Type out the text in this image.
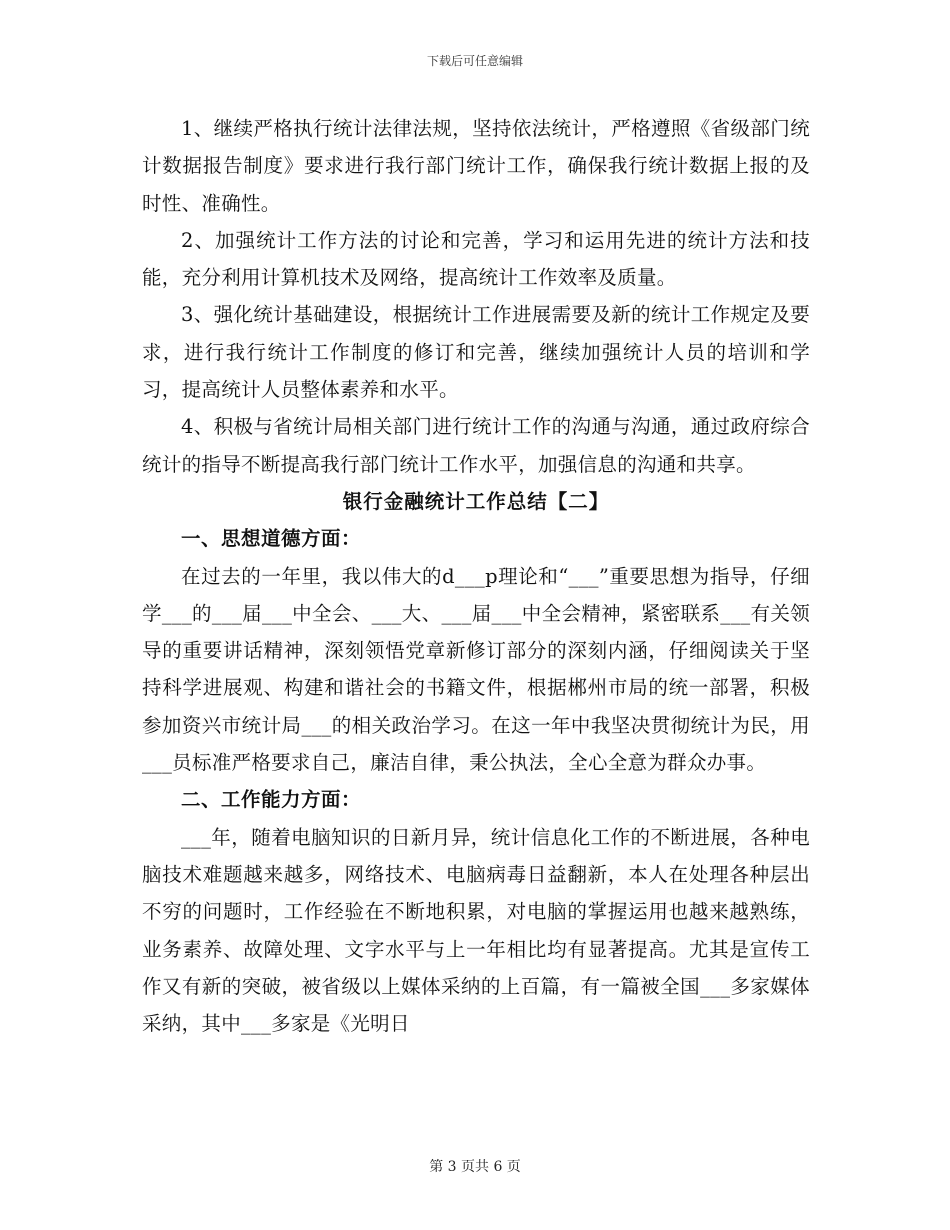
下载后可任意编辑

1、继续严格执行统计法律法规，坚持依法统计，严格遵照《省级部门统计数据报告制度》要求进行我行部门统计工作，确保我行统计数据上报的及时性、准确性。

2、加强统计工作方法的讨论和完善，学习和运用先进的统计方法和技能，充分利用计算机技术及网络，提高统计工作效率及质量。

3、强化统计基础建设，根据统计工作进展需要及新的统计工作规定及要求，进行我行统计工作制度的修订和完善，继续加强统计人员的培训和学习，提高统计人员整体素养和水平。

4、积极与省统计局相关部门进行统计工作的沟通与沟通，通过政府综合统计的指导不断提高我行部门统计工作水平，加强信息的沟通和共享。

银行金融统计工作总结【二】

一、思想道德方面：

在过去的一年里，我以伟大的d___p理论和“___”重要思想为指导，仔细学___的___届___中全会、___大、___届___中全会精神，紧密联系___有关领导的重要讲话精神，深刻领悟党章新修订部分的深刻内涵，仔细阅读关于坚持科学进展观、构建和谐社会的书籍文件，根据郴州市局的统一部署，积极参加资兴市统计局___的相关政治学习。在这一年中我坚决贯彻统计为民，用___员标准严格要求自己，廉洁自律，秉公执法，全心全意为群众办事。

二、工作能力方面：

___年，随着电脑知识的日新月异，统计信息化工作的不断进展，各种电脑技术难题越来越多，网络技术、电脑病毒日益翻新，本人在处理各种层出不穷的问题时，工作经验在不断地积累，对电脑的掌握运用也越来越熟练，业务素养、故障处理、文字水平与上一年相比均有显著提高。尤其是宣传工作又有新的突破，被省级以上媒体采纳的上百篇，有一篇被全国___多家媒体采纳，其中___多家是《光明日

第 3 页共 6 页
